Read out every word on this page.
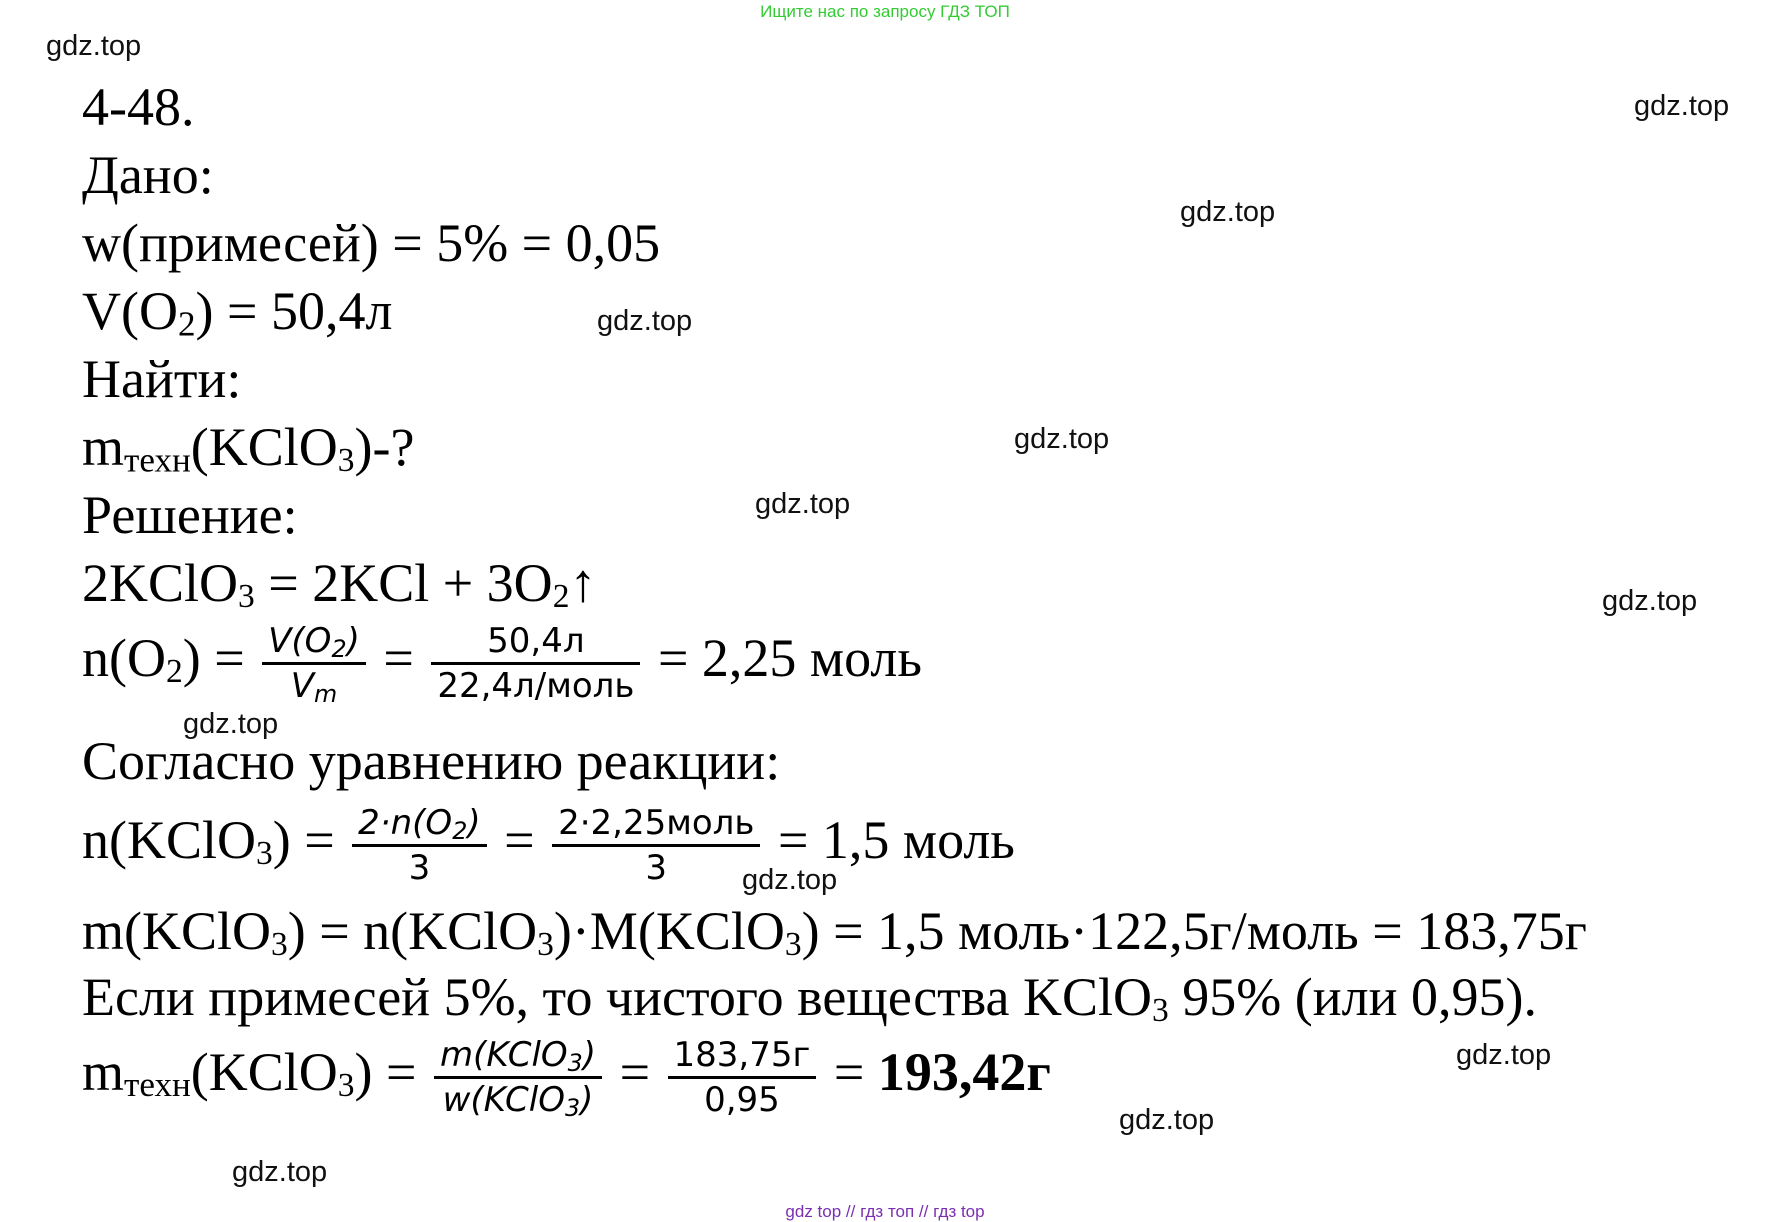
Ищите нас по запросу ГДЗ ТОП
gdz.top
gdz.top
gdz.top
gdz.top
gdz.top
gdz.top
gdz.top
gdz.top
gdz.top
gdz.top
gdz.top
gdz.top
4-48.
Дано:
w(примесей) = 5% = 0,05
$V(O_2) = 50,4л$
Найти:
$m_{техн}(KClO_3)-$?
Решение:
2KClO$_3$ = $2KCl + 3O_2↑$
$n(O_2) = \frac{V(O_2)}{V_m} = \frac{50,4л}{\text{22,4л/моль}} = 2,25$ моль
Согласно уравнению реакции:
n(KClO$_3$) = $\frac{2\cdot n(O_2)}{3} = \frac{\text{2·2,25моль}}{3} = 1,5$ моль
m(KClO$_3$) = n(KClO$_3$)·M(KClO$_3$) = 1,5 моль·122,5г/моль = 183,75г
Если примесей 5%, то чистого вещества KClO$_3$ 95% (или 0,95).
$m_{техн}(KClO_3) = \frac{m(KClO_3)}{w(KClO_3)} = \frac{183,75г}{0,95} = 193,42г$
gdz top // гдз топ // гдз top
